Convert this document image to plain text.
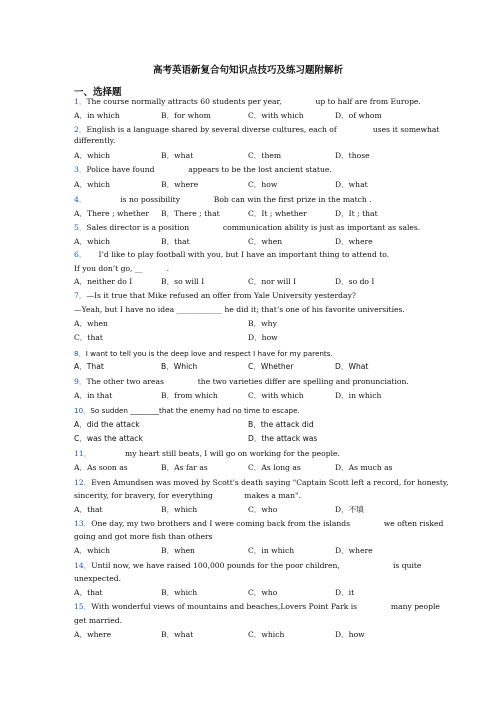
高考英语新复合句知识点技巧及练习题附解析
一、选择题
1．The course normally attracts 60 students per year,              up to half are from Europe.
A．in which	B．for whom	C．with which	D．of whom
2．English is a language shared by several diverse cultures, each of               uses it somewhat
differently.
A．which	B．what	C．them	D．those
3．Police have found              appears to be the lost ancient statue.
A．which	B．where	C．how	D．what
4．              is no possibility              Bob can win the first prize in the match .
A．There ; whether B．There ; that	C．It ; whether	D．It ; that
5．Sales director is a position              communication ability is just as important as sales.
A．which	B．that	C．when	D．where
6．     I’d like to play football with you, but I have an important thing to attend to.
If you don’t go, __          .
A．neither do I	B．so will I	C．nor will I	D．so do I
7．—Is it true that Mike refused an offer from Yale University yesterday?
—Yeah, but I have no idea ____________ he did it; that’s one of his favorite universities.
A．when	B．why
C．that	D．how
8．I want to tell you is the deep love and respect I have for my parents.
A．That	B．Which	C．Whether	D．What
9．The other two areas              the two varieties differ are spelling and pronunciation.
A．in that	B．from which	C．with which	D．in which
10．So sudden ________that the enemy had no time to escape.
A．did the attack	B．the attack did
C．was the attack	D．the attack was
11．              my heart still beats, I will go on working for the people.
A．As soon as	B．As far as	C．As long as	D．As much as
12．Even Amundsen was moved by Scott's death saying "Captain Scott left a record, for honesty,
sincerity, for bravery, for everything             makes a man".
A．that	B．which	C．who	D．不填
13．One day, my two brothers and I were coming back from the islands              we often risked
going and got more fish than others
A．which	B．when	C．in which	D．where
14．Until now, we have raised 100,000 pounds for the poor children,                      is quite
unexpected.
A．that	B．which	C．who	D．it
15．With wonderful views of mountains and beaches,Lovers Point Park is              many people
get married.
A．where	B．what	C．which	D．how
